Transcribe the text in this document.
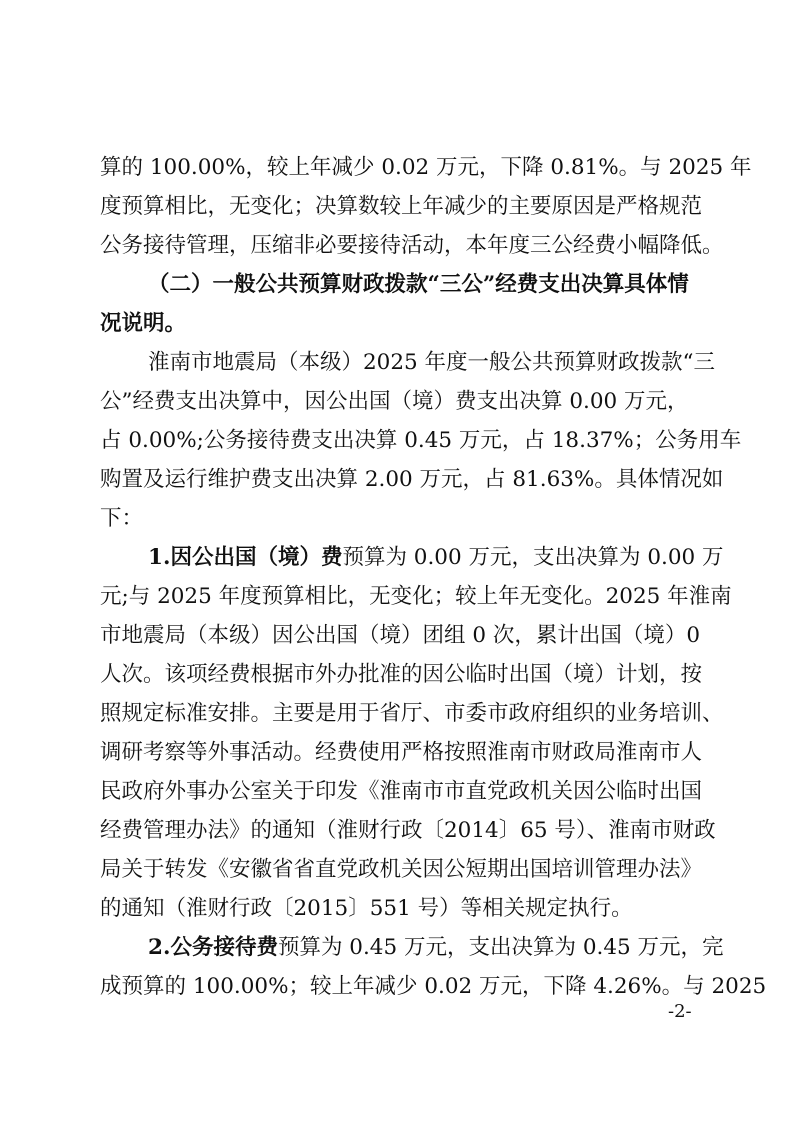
算的 100.00%，较上年减少 0.02 万元，下降 0.81%。与 2025 年
度预算相比，无变化；决算数较上年减少的主要原因是严格规范
公务接待管理，压缩非必要接待活动，本年度三公经费小幅降低。
（二）一般公共预算财政拨款“三公”经费支出决算具体情
况说明。
淮南市地震局（本级）2025 年度一般公共预算财政拨款“三
公”经费支出决算中，因公出国（境）费支出决算 0.00 万元，
占 0.00%;公务接待费支出决算 0.45 万元，占 18.37%；公务用车
购置及运行维护费支出决算 2.00 万元，占 81.63%。具体情况如
下：
1.因公出国（境）费预算为 0.00 万元，支出决算为 0.00 万
元;与 2025 年度预算相比，无变化；较上年无变化。2025 年淮南
市地震局（本级）因公出国（境）团组 0 次，累计出国（境）0
人次。该项经费根据市外办批准的因公临时出国（境）计划，按
照规定标准安排。主要是用于省厅、市委市政府组织的业务培训、
调研考察等外事活动。经费使用严格按照淮南市财政局淮南市人
民政府外事办公室关于印发《淮南市市直党政机关因公临时出国
经费管理办法》的通知（淮财行政〔2014〕65 号）、淮南市财政
局关于转发《安徽省省直党政机关因公短期出国培训管理办法》
的通知（淮财行政〔2015〕551 号）等相关规定执行。
2.公务接待费预算为 0.45 万元，支出决算为 0.45 万元，完
成预算的 100.00%；较上年减少 0.02 万元，下降 4.26%。与 2025
-2-
